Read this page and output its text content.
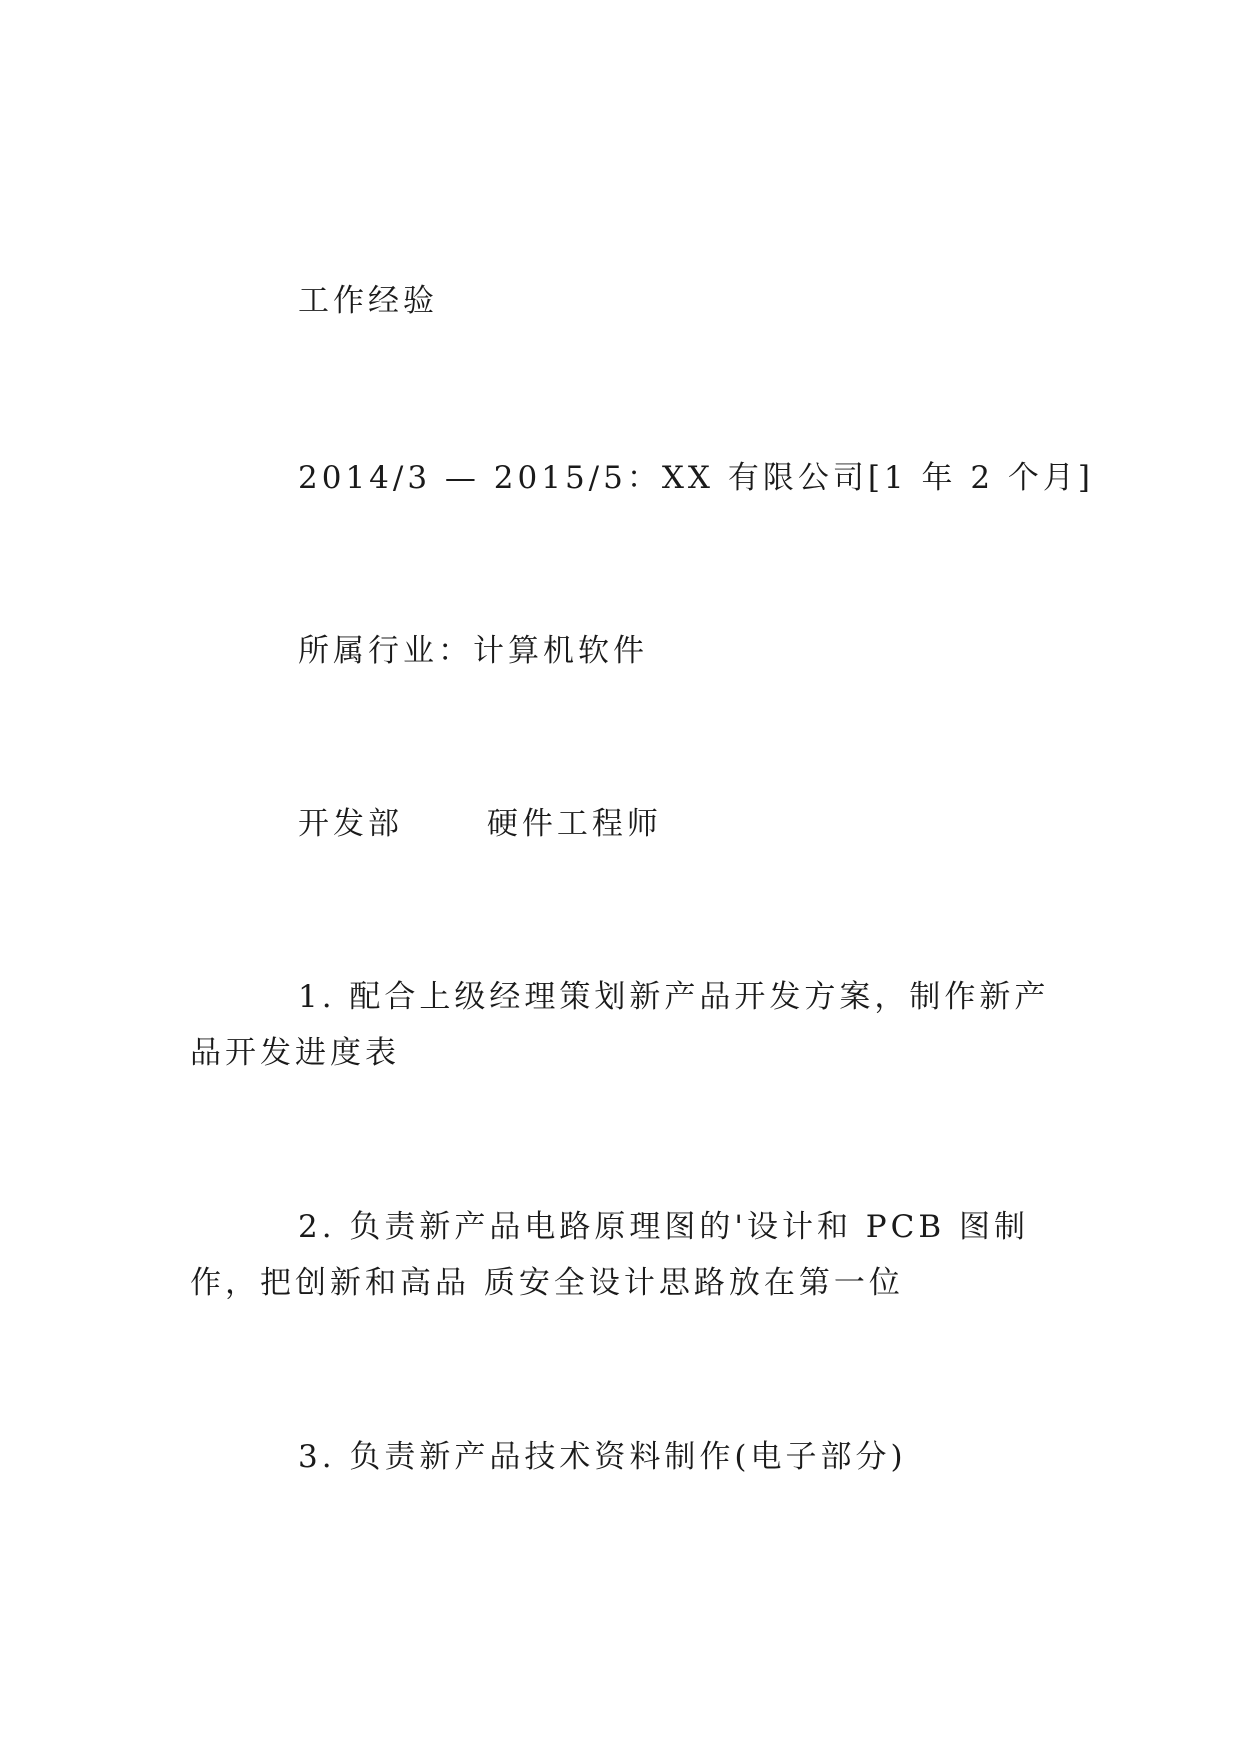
工作经验
2014/3 — 2015/5：XX 有限公司[1 年 2 个月]
所属行业：计算机软件
开发部　　 硬件工程师
1. 配合上级经理策划新产品开发方案，制作新产品开发进度表
2. 负责新产品电路原理图的'设计和 PCB 图制作，把创新和高品 质安全设计思路放在第一位
3. 负责新产品技术资料制作(电子部分)
